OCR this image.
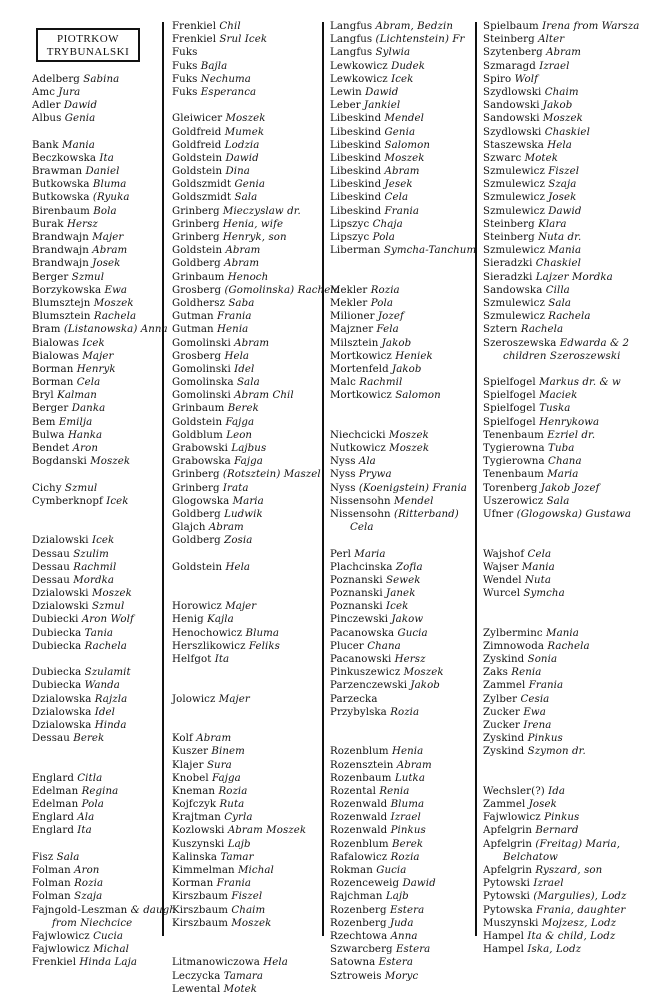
PIOTRKOW
TRYBUNALSKI
Adelberg Sabina
Amc Jura
Adler Dawid
Albus Genia
Bank Mania
Beczkowska Ita
Brawman Daniel
Butkowska Bluma
Butkowska (Ryuka
Birenbaum Bola
Burak Hersz
Brandwajn Majer
Brandwajn Abram
Brandwajn Josek
Berger Szmul
Borzykowska Ewa
Blumsztejn Moszek
Blumsztein Rachela
Bram (Listanowska) Anna
Bialowas Icek
Bialowas Majer
Borman Henryk
Borman Cela
Bryl Kalman
Berger Danka
Bem Emilja
Bulwa Hanka
Bendet Aron
Bogdanski Moszek
Cichy Szmul
Cymberknopf Icek
Dzialowski Icek
Dessau Szulim
Dessau Rachmil
Dessau Mordka
Dzialowski Moszek
Dzialowski Szmul
Dubiecki Aron Wolf
Dubiecka Tania
Dubiecka Rachela
Dubiecka Szulamit
Dubiecka Wanda
Dzialowska Rajzla
Dzialowska Idel
Dzialowska Hinda
Dessau Berek
Englard Citla
Edelman Regina
Edelman Pola
Englard Ala
Englard Ita
Fisz Sala
Folman Aron
Folman Rozia
Folman Szaja
Fajngold-Leszman & daugh
from Niechcice
Fajwlowicz Cucia
Fajwlowicz Michal
Frenkiel Hinda Laja
Frenkiel Chil
Frenkiel Srul Icek
Fuks
Fuks Bajla
Fuks Nechuma
Fuks Esperanca
Gleiwicer Moszek
Goldfreid Mumek
Goldfreid Lodzia
Goldstein Dawid
Goldstein Dina
Goldszmidt Genia
Goldszmidt Sala
Grinberg Mieczyslaw dr.
Grinberg Henia, wife
Grinberg Henryk, son
Goldstein Abram
Goldberg Abram
Grinbaum Henoch
Grosberg (Gomolinska) Rachela
Goldhersz Saba
Gutman Frania
Gutman Henia
Gomolinski Abram
Grosberg Hela
Gomolinski Idel
Gomolinska Sala
Gomolinski Abram Chil
Grinbaum Berek
Goldstein Fajga
Goldblum Leon
Grabowski Lajbus
Grabowska Fajga
Grinberg (Rotsztein) Maszel
Grinberg Irata
Glogowska Maria
Goldberg Ludwik
Glajch Abram
Goldberg Zosia
Goldstein Hela
Horowicz Majer
Henig Kajla
Henochowicz Bluma
Herszlikowicz Feliks
Helfgot Ita
Jolowicz Majer
Kolf Abram
Kuszer Binem
Klajer Sura
Knobel Fajga
Kneman Rozia
Kojfczyk Ruta
Krajtman Cyrla
Kozlowski Abram Moszek
Kuszynski Lajb
Kalinska Tamar
Kimmelman Michal
Korman Frania
Kirszbaum Fiszel
Kirszbaum Chaim
Kirszbaum Moszek
Litmanowiczowa Hela
Leczycka Tamara
Lewental Motek
Langfus Abram, Bedzin
Langfus (Lichtenstein) Fr
Langfus Sylwia
Lewkowicz Dudek
Lewkowicz Icek
Lewin Dawid
Leber Jankiel
Libeskind Mendel
Libeskind Genia
Libeskind Salomon
Libeskind Moszek
Libeskind Abram
Libeskind Jesek
Libeskind Cela
Libeskind Frania
Lipszyc Chaja
Lipszyc Pola
Liberman Symcha-Tanchum
Mekler Rozia
Mekler Pola
Milioner Jozef
Majzner Fela
Milsztein Jakob
Mortkowicz Heniek
Mortenfeld Jakob
Malc Rachmil
Mortkowicz Salomon
Niechcicki Moszek
Nutkowicz Moszek
Nyss Ala
Nyss Prywa
Nyss (Koenigstein) Frania
Nissensohn Mendel
Nissensohn (Ritterband)
Cela
Perl Maria
Plachcinska Zofia
Poznanski Sewek
Poznanski Janek
Poznanski Icek
Pinczewski Jakow
Pacanowska Gucia
Plucer Chana
Pacanowski Hersz
Pinkuszewicz Moszek
Parzenczewski Jakob
Parzecka
Przybylska Rozia
Rozenblum Henia
Rozensztein Abram
Rozenbaum Lutka
Rozental Renia
Rozenwald Bluma
Rozenwald Izrael
Rozenwald Pinkus
Rozenblum Berek
Rafalowicz Rozia
Rokman Gucia
Rozenceweig Dawid
Rajchman Lajb
Rozenberg Estera
Rozenberg Juda
Rzechtowa Anna
Szwarcberg Estera
Satowna Estera
Sztroweis Moryc
Spielbaum Irena from Warsza
Steinberg Alter
Szytenberg Abram
Szmaragd Izrael
Spiro Wolf
Szydlowski Chaim
Sandowski Jakob
Sandowski Moszek
Szydlowski Chaskiel
Staszewska Hela
Szwarc Motek
Szmulewicz Fiszel
Szmulewicz Szaja
Szmulewicz Josek
Szmulewicz Dawid
Steinberg Klara
Steinberg Nuta dr.
Szmulewicz Mania
Sieradzki Chaskiel
Sieradzki Lajzer Mordka
Sandowska Cilla
Szmulewicz Sala
Szmulewicz Rachela
Sztern Rachela
Szeroszewska Edwarda & 2
children Szeroszewski
Spielfogel Markus dr. & w
Spielfogel Maciek
Spielfogel Tuska
Spielfogel Henrykowa
Tenenbaum Ezriel dr.
Tygierowna Tuba
Tygierowna Chana
Tenenbaum Maria
Torenberg Jakob Jozef
Uszerowicz Sala
Ufner (Glogowska) Gustawa
Wajshof Cela
Wajser Mania
Wendel Nuta
Wurcel Symcha
Zylberminc Mania
Zimnowoda Rachela
Zyskind Sonia
Zaks Renia
Zammel Frania
Zylber Cesia
Zucker Ewa
Zucker Irena
Zyskind Pinkus
Zyskind Szymon dr.
Wechsler(?) Ida
Zammel Josek
Fajwlowicz Pinkus
Apfelgrin Bernard
Apfelgrin (Freitag) Maria,
Belchatow
Apfelgrin Ryszard, son
Pytowski Izrael
Pytowski (Margulies), Lodz
Pytowska Frania, daughter
Muszynski Mojzesz, Lodz
Hampel Ita & child, Lodz
Hampel Iska, Lodz
